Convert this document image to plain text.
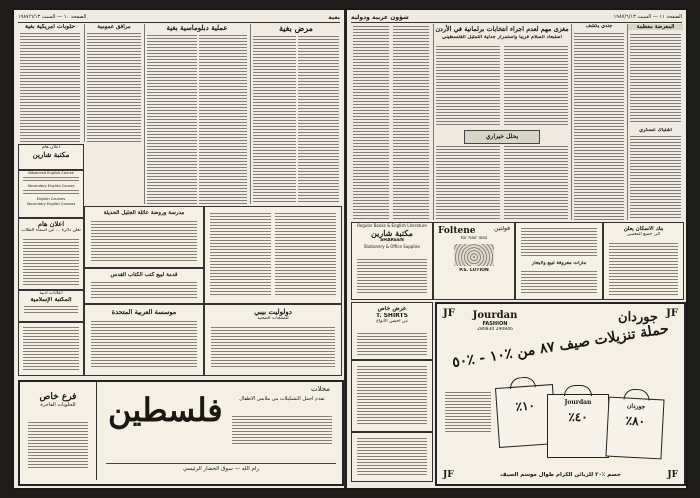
الصفحة ١٠ — السبت ١٩٨٧/٦/١٣	بغية
حلوبات امريكية بغية	مرافق عمومية	عملية دبلوماسية بغية	مرض بغية
اعلان هام
مكتبة شارين
Advanced English Course
Secondary English Course
English Courses
Secondary English Courses
اعلان هام
تعلن دائرة ... عن اسماء الطلاب
اعلانات ادبية
المكتبة الإسلامية
مدرسة وروضة عائلة الجليل الحديثة
قدمة لبيع كتب الكتاب القدس
موسسة العربية المتحدة	دولوليت بيبي
للمنتجات الصحية
فرع خاص
للحلويات الفاخرة
محلات
فلسطين	تقدم اجمل التشكيلات من ملابس الاطفال
رام الله — سوق الخضار الرئيسي
شؤون عربية ودولية	الصفحة ١١ — السبت ١٩٨٧/٦/١٣
مغزى مهم لعدم اجراء انتخابات برلمانية في الأردن
استبعاد السلام قريباً واستمرار جدلية التمثيل الفلسطيني
يحلل خيراري
جندي يكشف	المعرضة معظمة
اشتباك عسكري
Regular Books & English Literature
مكتبة شارين
SHAREEN
Stationery & Office Supplies
Foltene	فولتين
for hair loss
P.S. LOTION
مارات معروفة لبيع ولايجار
بنك الاسكان يعلن
الى جميع المعنيين
عرض خاص
T. SHIRTS
من احسن الانواع
JF	JF
Jourdan
FASHION
280830 290846
جوردان
حملة تنزيلات صيف ٨٧ من ٪١٠ - ٪٥٠
٪١٠	Jourdan
٪٤٠
جوردان
٪٨٠
خصم ٪٢٠ للزبائن الكرام طوال موسم الصيف
JF	JF
